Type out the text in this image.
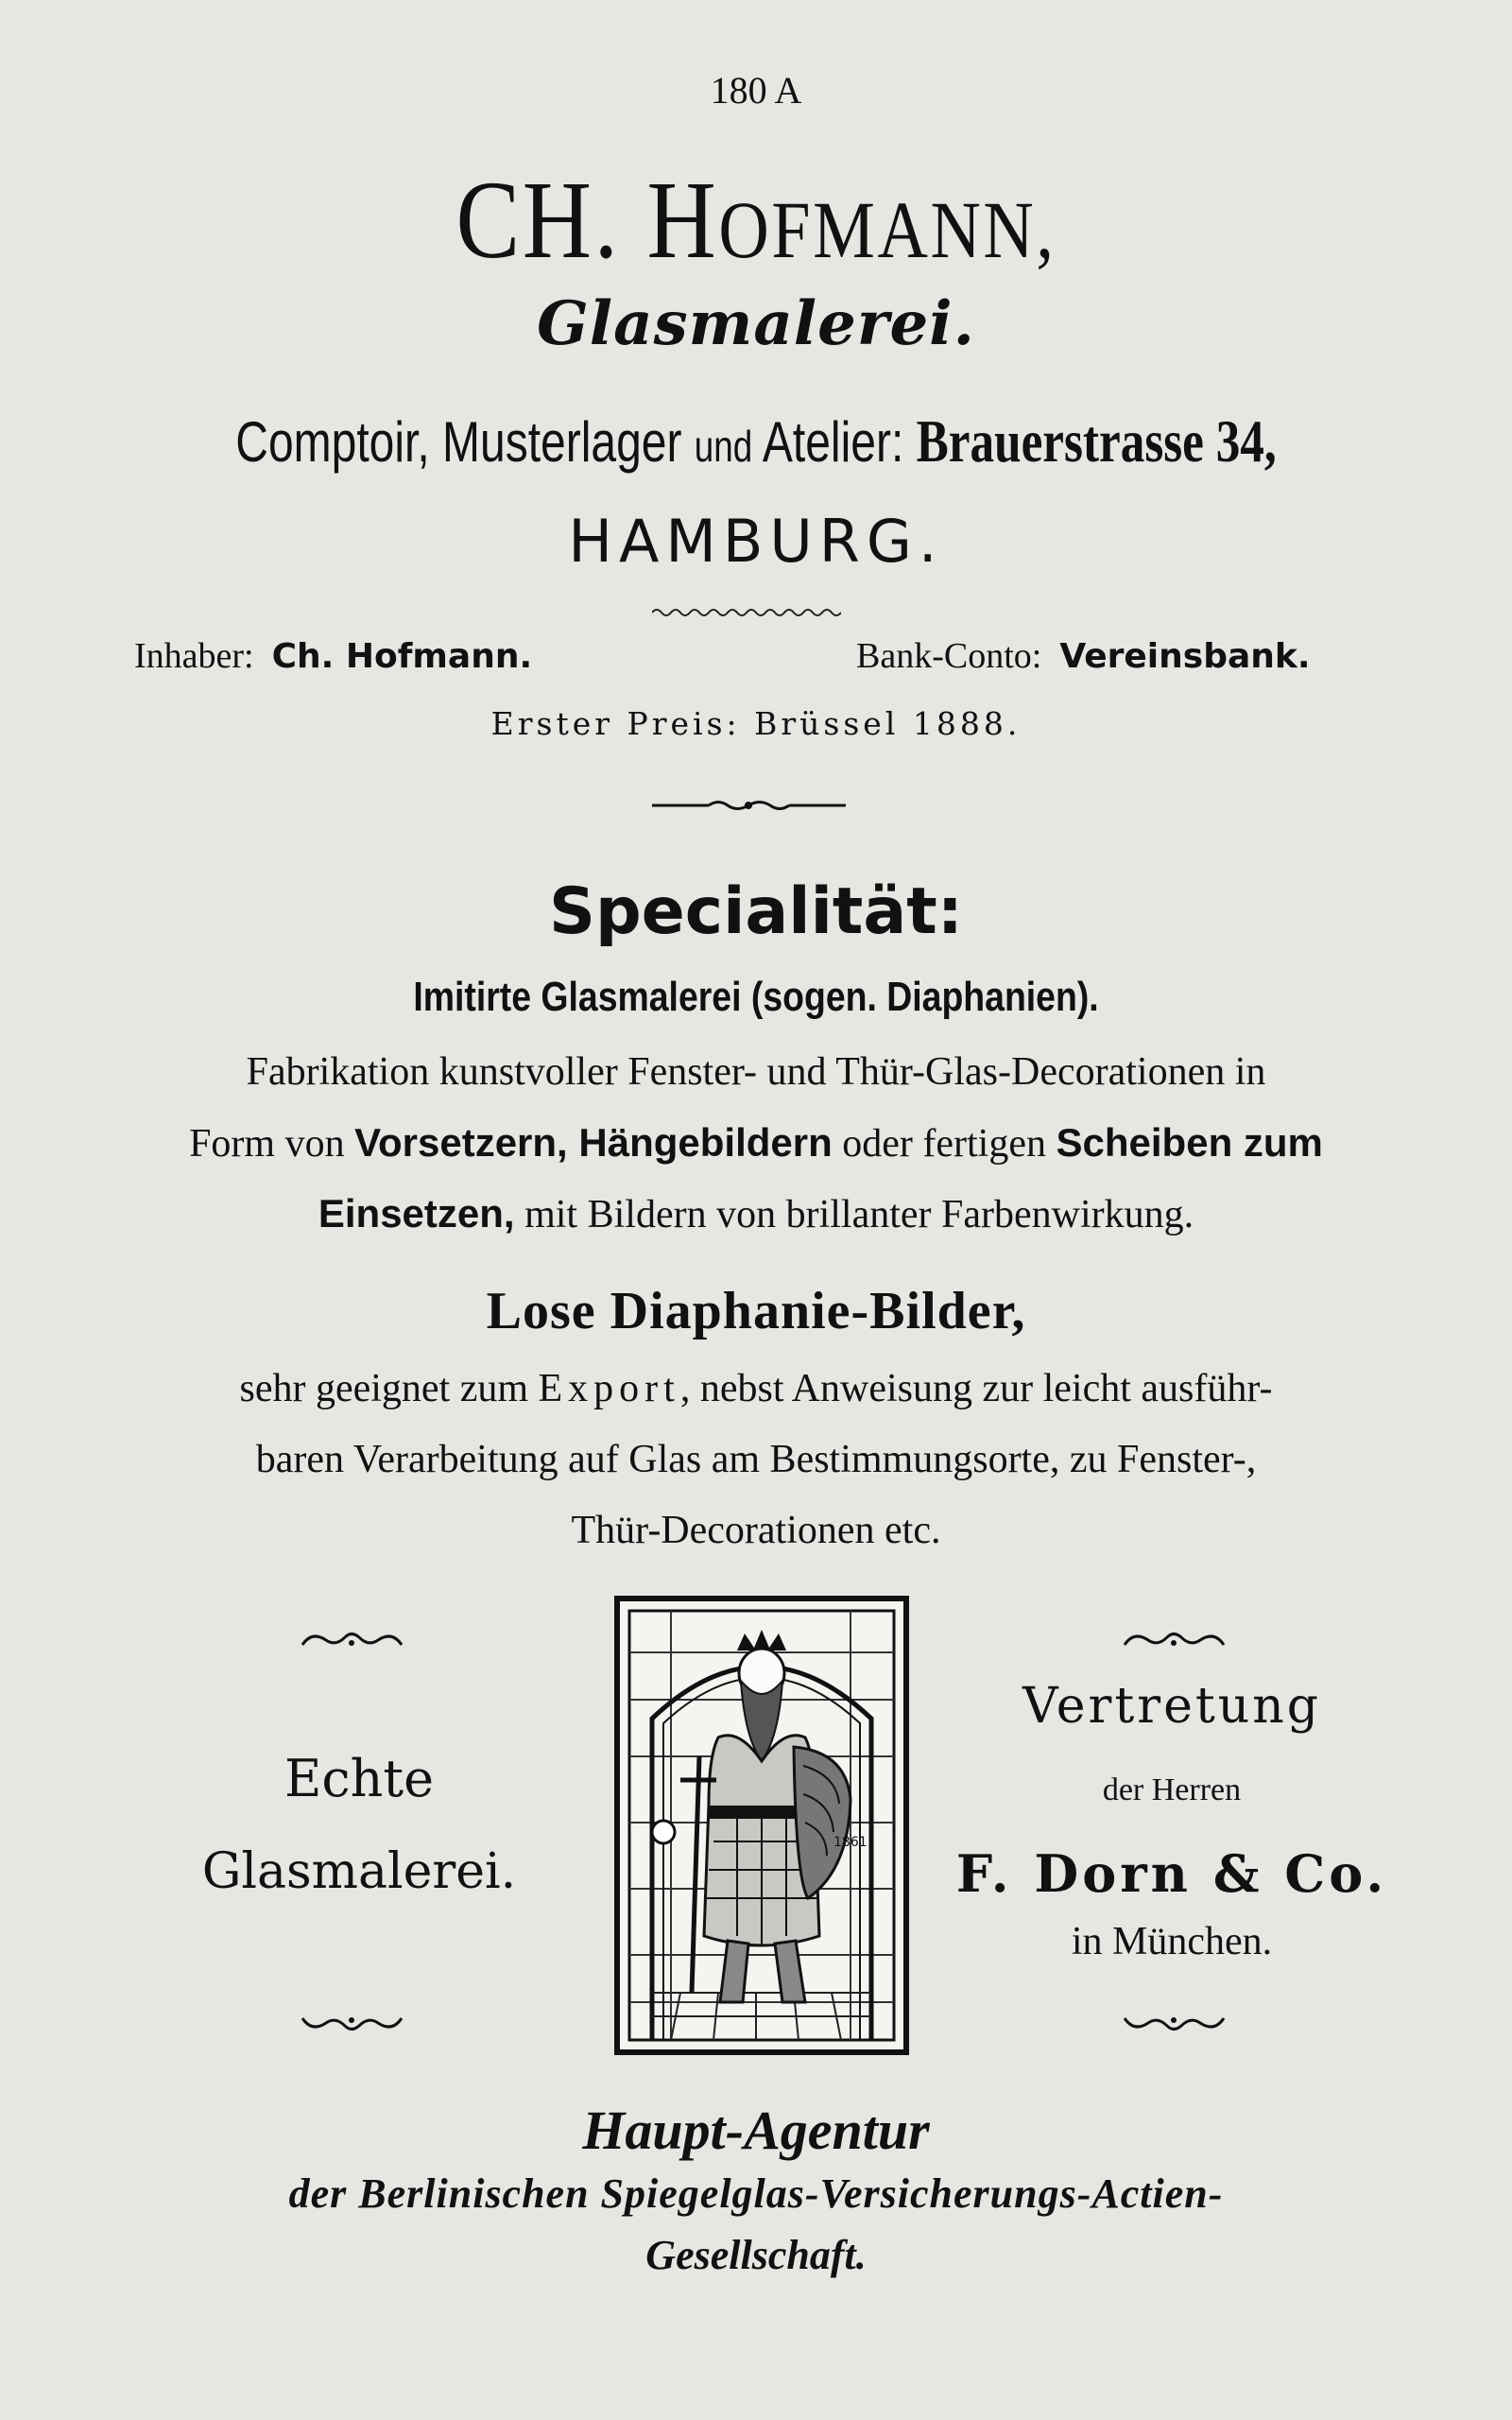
180 A
CH. HOFMANN,
Glasmalerei.
Comptoir, Musterlager und Atelier: Brauerstrasse 34,
HAMBURG.
Inhaber: Ch. Hofmann.	Bank-Conto: Vereinsbank.
Erster Preis: Brüssel 1888.
Specialität:
Imitirte Glasmalerei (sogen. Diaphanien).
Fabrikation kunstvoller Fenster- und Thür-Glas-Decorationen in
Form von Vorsetzern, Hängebildern oder fertigen Scheiben zum
Einsetzen, mit Bildern von brillanter Farbenwirkung.
Lose Diaphanie-Bilder,
sehr geeignet zum Export, nebst Anweisung zur leicht ausführ-
baren Verarbeitung auf Glas am Bestimmungsorte, zu Fenster-,
Thür-Decorationen etc.
Echte
Glasmalerei.
Vertretung
der Herren
F. Dorn & Co.
in München.
1861
Haupt-Agentur
der Berlinischen Spiegelglas-Versicherungs-Actien-
Gesellschaft.
